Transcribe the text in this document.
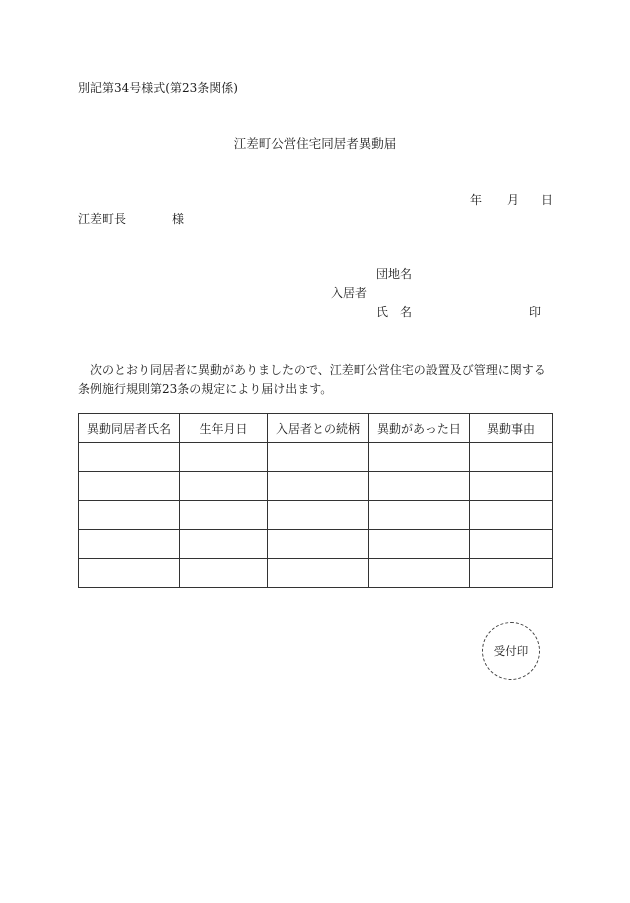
別記第34号様式(第23条関係)
江差町公営住宅同居者異動届
年 月 日
江差町長	様
団地名
入居者
氏　名	印
次のとおり同居者に異動がありましたので、江差町公営住宅の設置及び管理に関する条例施行規則第23条の規定により届け出ます。
異動同居者氏名	生年月日	入居者との続柄	異動があった日	異動事由

受付印
